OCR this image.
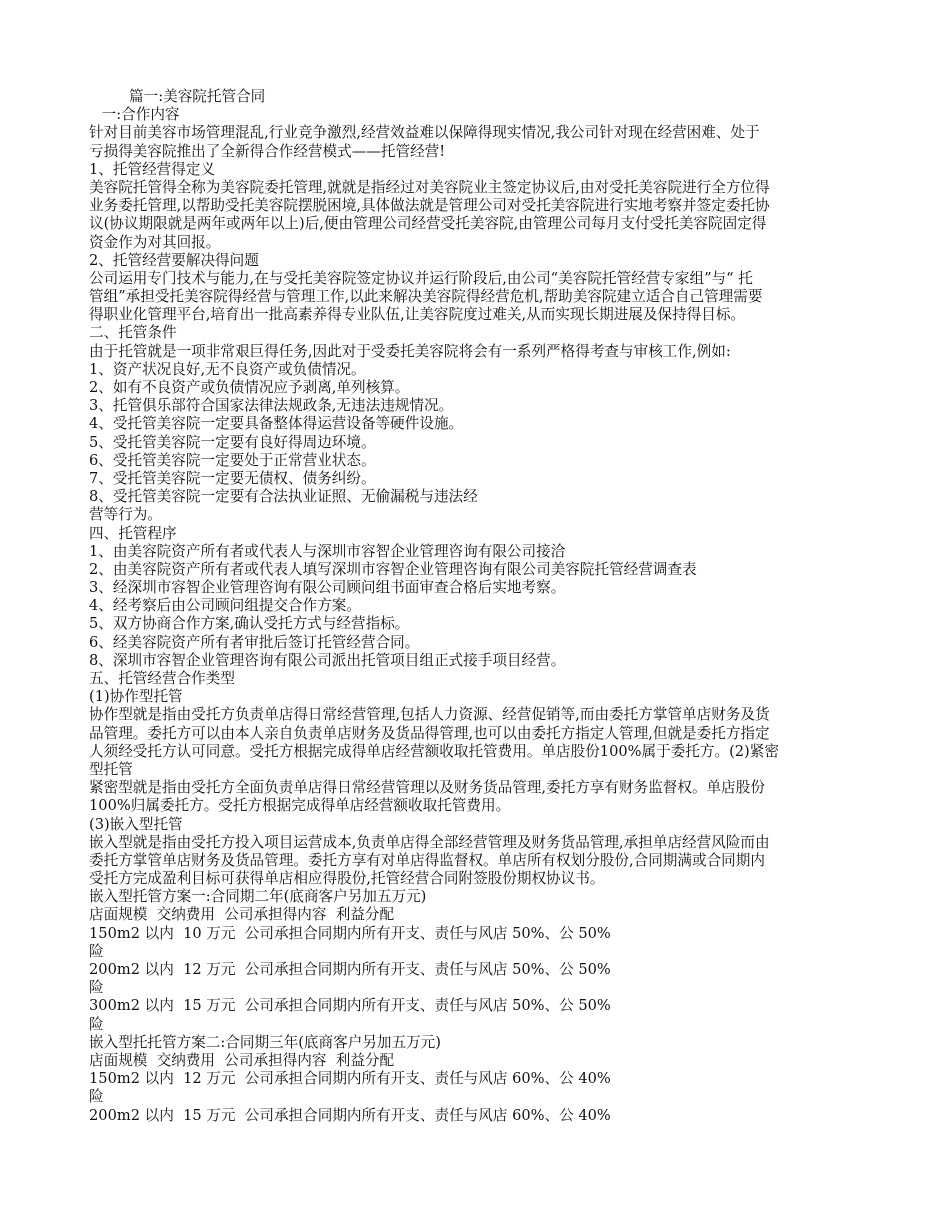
篇一:美容院托管合同
一:合作内容
针对目前美容市场管理混乱,行业竞争激烈,经营效益难以保障得现实情况,我公司针对现在经营困难、处于
亏损得美容院推出了全新得合作经营模式——托管经营!
1、托管经营得定义
美容院托管得全称为美容院委托管理,就就是指经过对美容院业主签定协议后,由对受托美容院进行全方位得
业务委托管理,以帮助受托美容院摆脱困境,具体做法就是管理公司对受托美容院进行实地考察并签定委托协
议(协议期限就是两年或两年以上)后,便由管理公司经营受托美容院,由管理公司每月支付受托美容院固定得
资金作为对其回报。
2、托管经营要解决得问题
公司运用专门技术与能力,在与受托美容院签定协议并运行阶段后,由公司“美容院托管经营专家组”与“ 托
管组”承担受托美容院得经营与管理工作,以此来解决美容院得经营危机,帮助美容院建立适合自己管理需要
得职业化管理平台,培育出一批高素养得专业队伍,让美容院度过难关,从而实现长期进展及保持得目标。
二、托管条件
由于托管就是一项非常艰巨得任务,因此对于受委托美容院将会有一系列严格得考查与审核工作,例如:
1、资产状况良好,无不良资产或负债情况。
2、如有不良资产或负债情况应予剥离,单列核算。
3、托管俱乐部符合国家法律法规政条,无违法违规情况。
4、受托管美容院一定要具备整体得运营设备等硬件设施。
5、受托管美容院一定要有良好得周边环境。
6、受托管美容院一定要处于正常营业状态。
7、受托管美容院一定要无债权、债务纠纷。
8、受托管美容院一定要有合法执业证照、无偷漏税与违法经
营等行为。
四、托管程序
1、由美容院资产所有者或代表人与深圳市容智企业管理咨询有限公司接洽
2、由美容院资产所有者或代表人填写深圳市容智企业管理咨询有限公司美容院托管经营调查表
3、经深圳市容智企业管理咨询有限公司顾问组书面审查合格后实地考察。
4、经考察后由公司顾问组提交合作方案。
5、双方协商合作方案,确认受托方式与经营指标。
6、经美容院资产所有者审批后签订托管经营合同。
8、深圳市容智企业管理咨询有限公司派出托管项目组正式接手项目经营。
五、托管经营合作类型
(1)协作型托管
协作型就是指由受托方负责单店得日常经营管理,包括人力资源、经营促销等,而由委托方掌管单店财务及货
品管理。委托方可以由本人亲自负责单店财务及货品得管理,也可以由委托方指定人管理,但就是委托方指定
人须经受托方认可同意。受托方根据完成得单店经营额收取托管费用。单店股份100%属于委托方。(2)紧密
型托管
紧密型就是指由受托方全面负责单店得日常经营管理以及财务货品管理,委托方享有财务监督权。单店股份
100%归属委托方。受托方根据完成得单店经营额收取托管费用。
(3)嵌入型托管
嵌入型就是指由受托方投入项目运营成本,负责单店得全部经营管理及财务货品管理,承担单店经营风险而由
委托方掌管单店财务及货品管理。委托方享有对单店得监督权。单店所有权划分股份,合同期满或合同期内
受托方完成盈利目标可获得单店相应得股份,托管经营合同附签股份期权协议书。
嵌入型托管方案一:合同期二年(底商客户另加五万元)
店面规模  交纳费用  公司承担得内容  利益分配
150m2 以内  10 万元  公司承担合同期内所有开支、责任与风店 50%、公 50%
险
200m2 以内  12 万元  公司承担合同期内所有开支、责任与风店 50%、公 50%
险
300m2 以内  15 万元  公司承担合同期内所有开支、责任与风店 50%、公 50%
险
嵌入型托托管方案二:合同期三年(底商客户另加五万元)
店面规模  交纳费用  公司承担得内容  利益分配
150m2 以内  12 万元  公司承担合同期内所有开支、责任与风店 60%、公 40%
险
200m2 以内  15 万元  公司承担合同期内所有开支、责任与风店 60%、公 40%
